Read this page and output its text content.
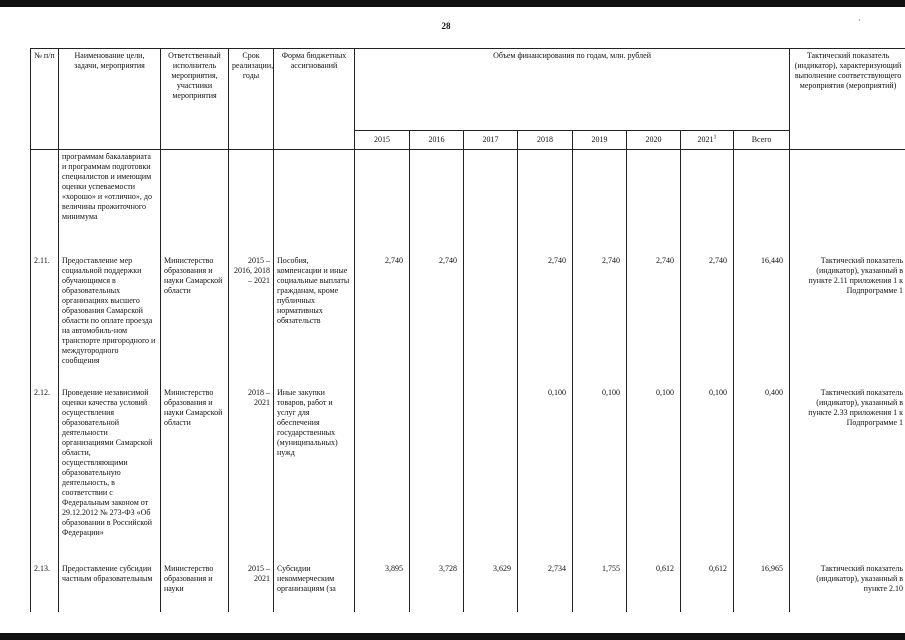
28
·
№ п/п	Наименование цели, задачи, мероприятия	Ответственный исполнитель мероприятия, участники мероприятия	Срок реализации, годы	Форма бюджетных ассигнований	Объем финансирования по годам, млн. рублей								Тактический показатель (индикатор), характеризующий выполнение соответствующего мероприятия (мероприятий)
					2015	2016	2017	2018	2019	2020	2021$^1$	Всего	
	программам бакалавриата и программам подготовки специалистов и имеющим оценки успеваемости «хорошо» и «отлично», до величины прожиточного минимума												
2.11.	Предоставление мер социальной поддержки обучающимся в образовательных организациях высшего образования Самарской области по оплате проезда на автомобиль-ном транспорте пригородного и междугородного сообщения	Министерство образования и науки Самарской области	2015 – 2016, 2018 – 2021	Пособия, компенсации и иные социальные выплаты гражданам, кроме публичных нормативных обязательств	2,740	2,740		2,740	2,740	2,740	2,740	16,440	Тактический показатель (индикатор), указанный в пункте 2.11 приложения 1 к Подпрограмме 1
2.12.	Проведение независимой оценки качества условий осуществления образовательной деятельности организациями Самарской области, осуществляющими образовательную деятельность, в соответствии с Федеральным законом от 29.12.2012 № 273-ФЗ «Об образовании в Российской Федерации»	Министерство образования и науки Самарской области	2018 – 2021	Иные закупки товаров, работ и услуг для обеспечения государственных (муниципальных) нужд				0,100	0,100	0,100	0,100	0,400	Тактический показатель (индикатор), указанный в пункте 2.33 приложения 1 к Подпрограмме 1
2.13.	Предоставление субсидии частным образовательным	Министерство образования и науки	2015 – 2021	Субсидии некоммерческим организациям (за	3,895	3,728	3,629	2,734	1,755	0,612	0,612	16,965	Тактический показатель (индикатор), указанный в пункте 2.10
